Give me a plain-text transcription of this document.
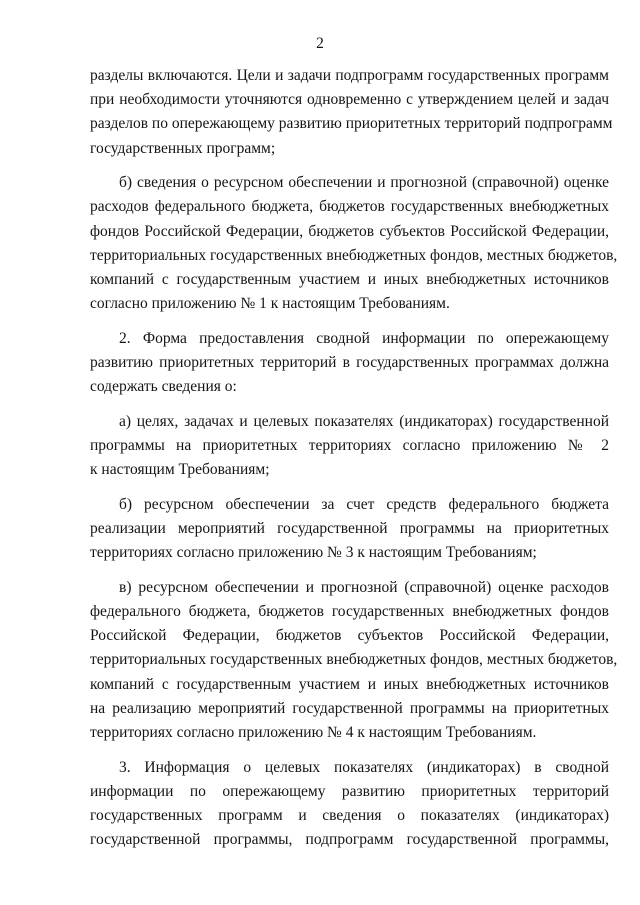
2
разделы включаются. Цели и задачи подпрограмм государственных программ
при необходимости уточняются одновременно с утверждением целей и задач
разделов по опережающему развитию приоритетных территорий подпрограмм
государственных программ;
б) сведения о ресурсном обеспечении и прогнозной (справочной) оценке
расходов федерального бюджета, бюджетов государственных внебюджетных
фондов Российской Федерации, бюджетов субъектов Российской Федерации,
территориальных государственных внебюджетных фондов, местных бюджетов,
компаний с государственным участием и иных внебюджетных источников
согласно приложению № 1 к настоящим Требованиям.
2. Форма предоставления сводной информации по опережающему
развитию приоритетных территорий в государственных программах должна
содержать сведения о:
а) целях, задачах и целевых показателях (индикаторах) государственной
программы на приоритетных территориях согласно приложению № 2
к настоящим Требованиям;
б) ресурсном обеспечении за счет средств федерального бюджета
реализации мероприятий государственной программы на приоритетных
территориях согласно приложению № 3 к настоящим Требованиям;
в) ресурсном обеспечении и прогнозной (справочной) оценке расходов
федерального бюджета, бюджетов государственных внебюджетных фондов
Российской Федерации, бюджетов субъектов Российской Федерации,
территориальных государственных внебюджетных фондов, местных бюджетов,
компаний с государственным участием и иных внебюджетных источников
на реализацию мероприятий государственной программы на приоритетных
территориях согласно приложению № 4 к настоящим Требованиям.
3. Информация о целевых показателях (индикаторах) в сводной
информации по опережающему развитию приоритетных территорий
государственных программ и сведения о показателях (индикаторах)
государственной программы, подпрограмм государственной программы,
